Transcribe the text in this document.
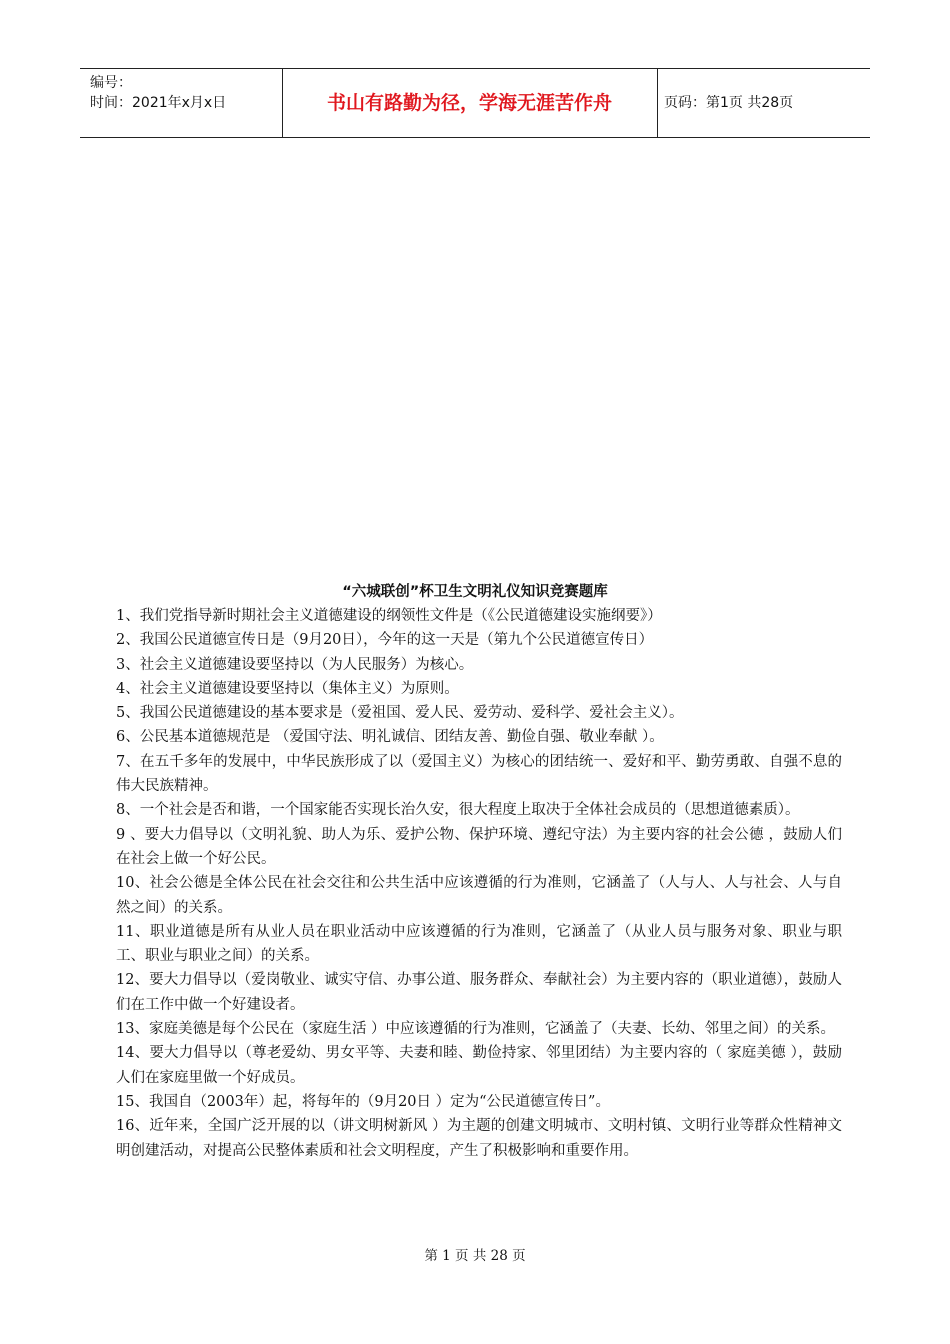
编号：
时间：2021年x月x日	书山有路勤为径，学海无涯苦作舟	页码：第1页 共28页
“六城联创”杯卫生文明礼仪知识竞赛题库

1、我们党指导新时期社会主义道德建设的纲领性文件是（《公民道德建设实施纲要》）

2、我国公民道德宣传日是（9月20日），今年的这一天是（第九个公民道德宣传日）

3、社会主义道德建设要坚持以（为人民服务）为核心。

4、社会主义道德建设要坚持以（集体主义）为原则。

5、我国公民道德建设的基本要求是（爱祖国、爱人民、爱劳动、爱科学、爱社会主义）。

6、公民基本道德规范是 （爱国守法、明礼诚信、团结友善、勤俭自强、敬业奉献 ）。

7、在五千多年的发展中，中华民族形成了以（爱国主义）为核心的团结统一、爱好和平、勤劳勇敢、自强不息的伟大民族精神。

8、一个社会是否和谐，一个国家能否实现长治久安，很大程度上取决于全体社会成员的（思想道德素质）。

9 、要大力倡导以（文明礼貌、助人为乐、爱护公物、保护环境、遵纪守法）为主要内容的社会公德 ，鼓励人们在社会上做一个好公民。

10、社会公德是全体公民在社会交往和公共生活中应该遵循的行为准则，它涵盖了（人与人、人与社会、人与自然之间）的关系。

11、职业道德是所有从业人员在职业活动中应该遵循的行为准则，它涵盖了（从业人员与服务对象、职业与职工、职业与职业之间）的关系。

12、要大力倡导以（爱岗敬业、诚实守信、办事公道、服务群众、奉献社会）为主要内容的（职业道德），鼓励人们在工作中做一个好建设者。

13、家庭美德是每个公民在（家庭生活 ）中应该遵循的行为准则，它涵盖了（夫妻、长幼、邻里之间）的关系。

14、要大力倡导以（尊老爱幼、男女平等、夫妻和睦、勤俭持家、邻里团结）为主要内容的（ 家庭美德 ），鼓励人们在家庭里做一个好成员。

15、我国自（2003年）起，将每年的（9月20日 ）定为“公民道德宣传日”。

16、近年来，全国广泛开展的以（讲文明树新风 ）为主题的创建文明城市、文明村镇、文明行业等群众性精神文明创建活动，对提高公民整体素质和社会文明程度，产生了积极影响和重要作用。

第 1 页 共 28 页
